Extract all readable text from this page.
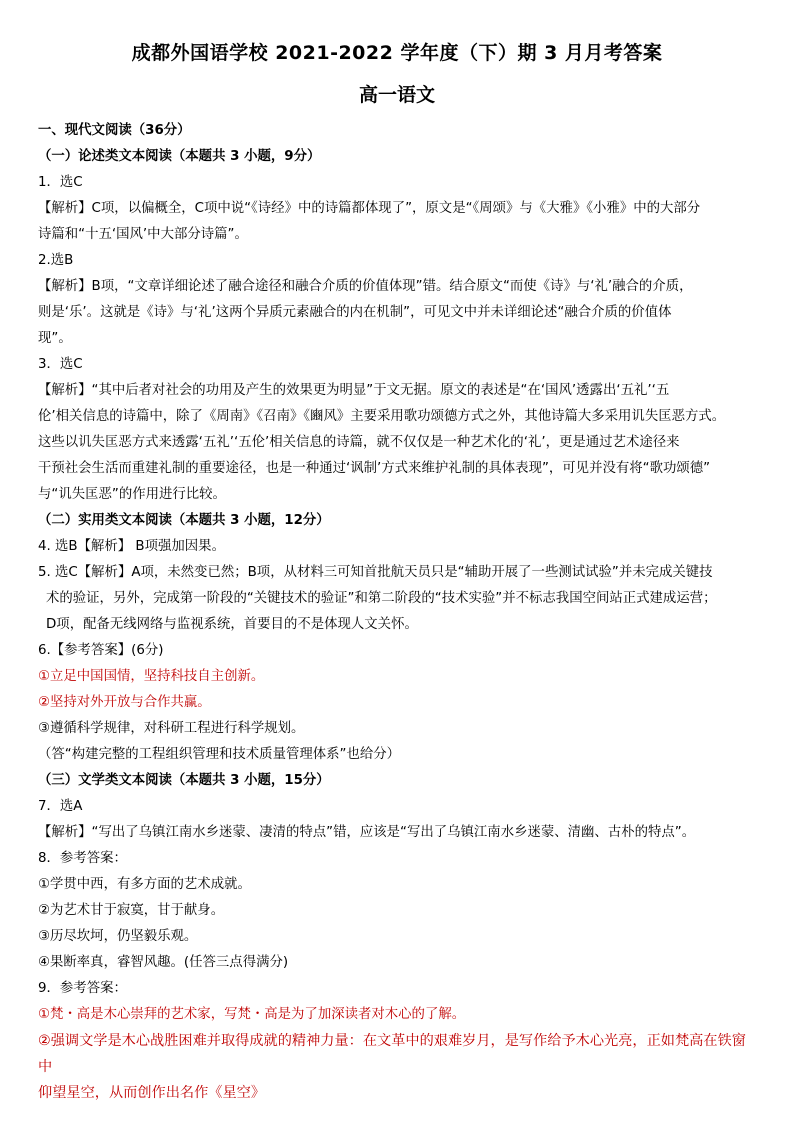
成都外国语学校 2021-2022 学年度（下）期 3 月月考答案
高一语文

一、现代文阅读（36分）

（一）论述类文本阅读（本题共 3 小题，9分）

1．选C

【解析】C项，以偏概全，C项中说“《诗经》中的诗篇都体现了”，原文是“《周颂》与《大雅》《小雅》中的大部分

诗篇和“十五‘国风’中大部分诗篇”。

2.选B

【解析】B项，“文章详细论述了融合途径和融合介质的价值体现”错。结合原文“而使《诗》与‘礼’融合的介质，

则是‘乐’。这就是《诗》与‘礼’这两个异质元素融合的内在机制”，可见文中并未详细论述“融合介质的价值体

现”。

3．选C

【解析】“其中后者对社会的功用及产生的效果更为明显”于文无据。原文的表述是“在‘国风’透露出‘五礼’‘五

伦’相关信息的诗篇中，除了《周南》《召南》《豳风》主要采用歌功颂德方式之外，其他诗篇大多采用讥失匡恶方式。

这些以讥失匡恶方式来透露‘五礼’‘五伦’相关信息的诗篇，就不仅仅是一种艺术化的‘礼’，更是通过艺术途径来

干预社会生活而重建礼制的重要途径，也是一种通过‘讽制’方式来维护礼制的具体表现”，可见并没有将“歌功颂德”

与“讥失匡恶”的作用进行比较。

（二）实用类文本阅读（本题共 3 小题，12分）

4. 选B【解析】 B项强加因果。

5. 选C【解析】A项，未然变已然；B项，从材料三可知首批航天员只是“辅助开展了一些测试试验”并未完成关键技

术的验证，另外，完成第一阶段的“关键技术的验证”和第二阶段的“技术实验”并不标志我国空间站正式建成运营；

D项，配备无线网络与监视系统，首要目的不是体现人文关怀。

6.【参考答案】(6分)

①立足中国国情，坚持科技自主创新。

②坚持对外开放与合作共赢。

③遵循科学规律，对科研工程进行科学规划。

（答“构建完整的工程组织管理和技术质量管理体系”也给分）

（三）文学类文本阅读（本题共 3 小题，15分）

7．选A

【解析】“写出了乌镇江南水乡迷蒙、凄清的特点”错，应该是“写出了乌镇江南水乡迷蒙、清幽、古朴的特点”。

8．参考答案：

①学贯中西，有多方面的艺术成就。

②为艺术甘于寂寞，甘于献身。

③历尽坎坷，仍坚毅乐观。

④果断率真，睿智风趣。(任答三点得满分)

9．参考答案：

①梵・高是木心崇拜的艺术家，写梵・高是为了加深读者对木心的了解。

②强调文学是木心战胜困难并取得成就的精神力量：在文革中的艰难岁月，是写作给予木心光亮，正如梵高在铁窗中

仰望星空，从而创作出名作《星空》
